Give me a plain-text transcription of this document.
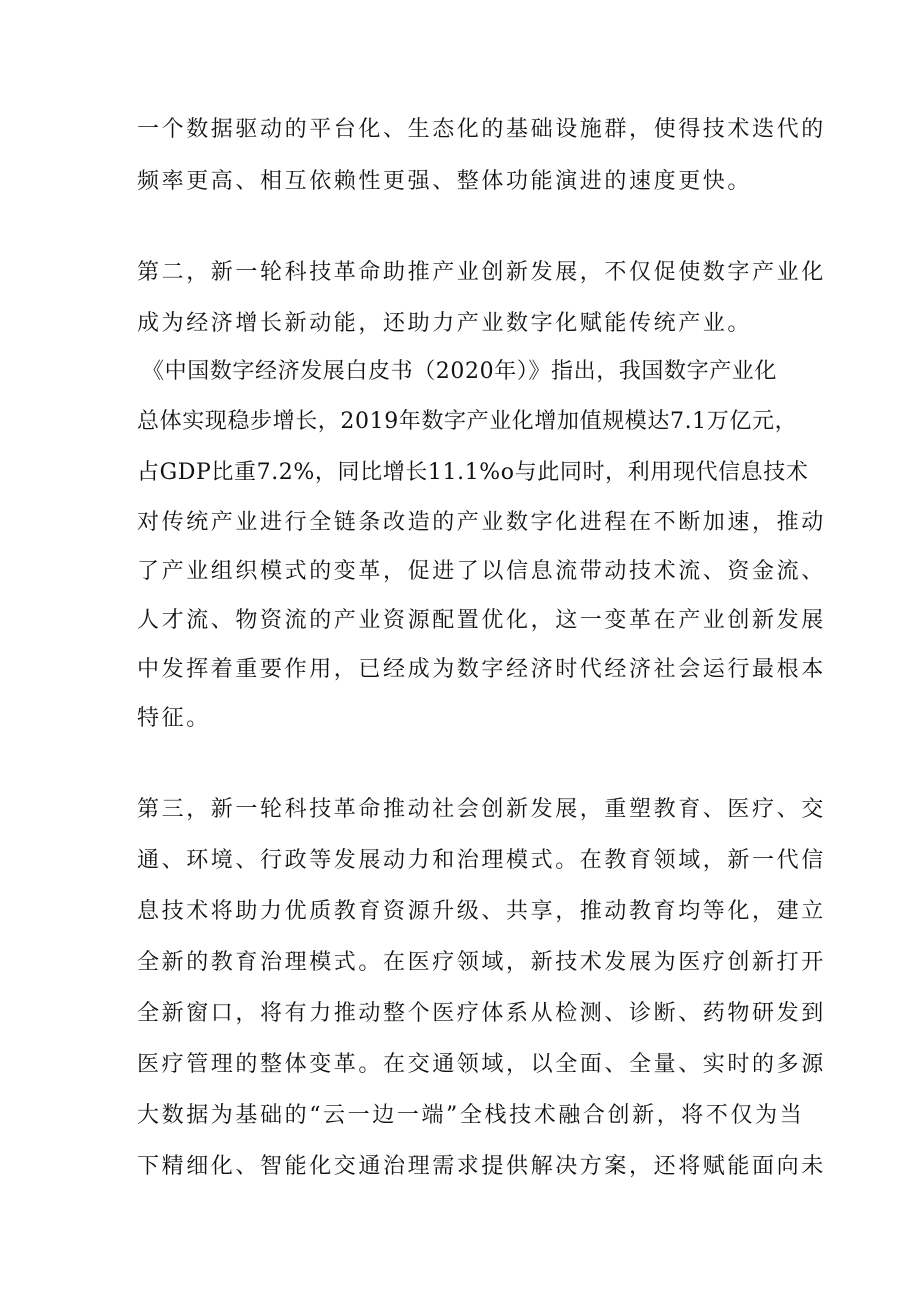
一个数据驱动的平台化、生态化的基础设施群，使得技术迭代的
频率更高、相互依赖性更强、整体功能演进的速度更快。
第二，新一轮科技革命助推产业创新发展，不仅促使数字产业化
成为经济增长新动能，还助力产业数字化赋能传统产业。
《中国数字经济发展白皮书（2020年）》指出，我国数字产业化
总体实现稳步增长，2019年数字产业化增加值规模达7.1万亿元，
占GDP比重7.2%，同比增长11.1%o与此同时，利用现代信息技术
对传统产业进行全链条改造的产业数字化进程在不断加速，推动
了产业组织模式的变革，促进了以信息流带动技术流、资金流、
人才流、物资流的产业资源配置优化，这一变革在产业创新发展
中发挥着重要作用，已经成为数字经济时代经济社会运行最根本
特征。
第三，新一轮科技革命推动社会创新发展，重塑教育、医疗、交
通、环境、行政等发展动力和治理模式。在教育领域，新一代信
息技术将助力优质教育资源升级、共享，推动教育均等化，建立
全新的教育治理模式。在医疗领域，新技术发展为医疗创新打开
全新窗口，将有力推动整个医疗体系从检测、诊断、药物研发到
医疗管理的整体变革。在交通领域，以全面、全量、实时的多源
大数据为基础的“云一边一端”全栈技术融合创新，将不仅为当
下精细化、智能化交通治理需求提供解决方案，还将赋能面向未
